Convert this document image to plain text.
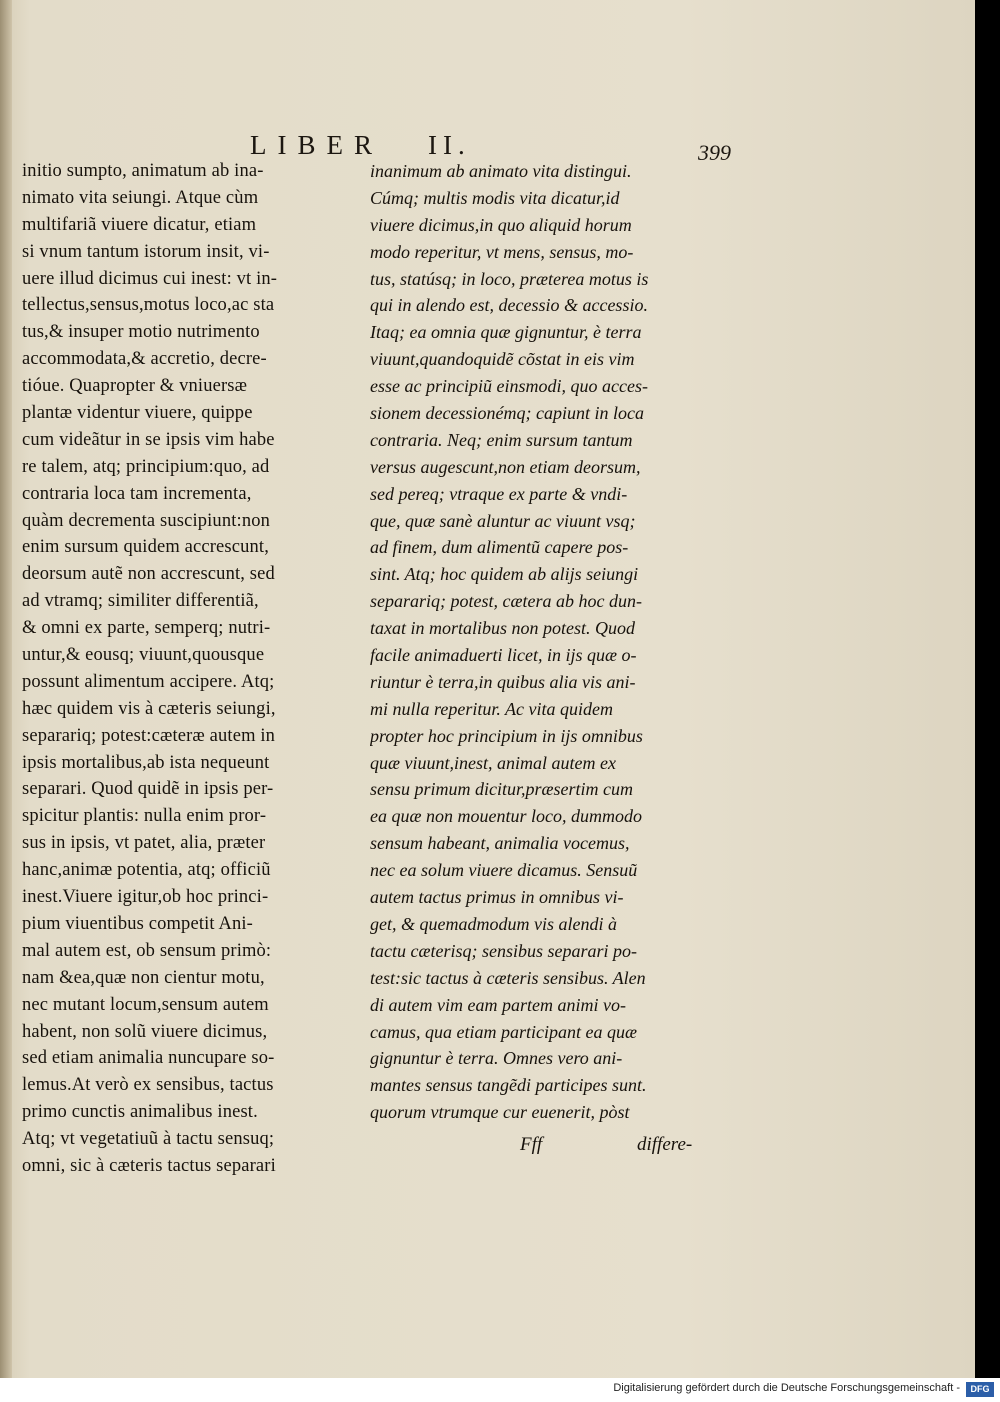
LIBER II.	399
initio sumpto, animatum ab ina-
nimato vita seiungi. Atque cùm
multifariã viuere dicatur, etiam
si vnum tantum istorum insit, vi-
uere illud dicimus cui inest: vt in-
tellectus,sensus,motus loco,ac sta
tus,& insuper motio nutrimento
accommodata,& accretio, decre-
tióue. Quapropter & vniuersæ
plantæ videntur viuere, quippe
cum videãtur in se ipsis vim habe
re talem, atq; principium:quo, ad
contraria loca tam incrementa,
quàm decrementa suscipiunt:non
enim sursum quidem accrescunt,
deorsum autẽ non accrescunt, sed
ad vtramq; similiter differentiã,
& omni ex parte, semperq; nutri-
untur,& eousq; viuunt,quousque
possunt alimentum accipere. Atq;
hæc quidem vis à cæteris seiungi,
separariq; potest:cæteræ autem in
ipsis mortalibus,ab ista nequeunt
separari. Quod quidẽ in ipsis per-
spicitur plantis: nulla enim pror-
sus in ipsis, vt patet, alia, præter
hanc,animæ potentia, atq; officiũ
inest.Viuere igitur,ob hoc princi-
pium viuentibus competit Ani-
mal autem est, ob sensum primò:
nam &ea,quæ non cientur motu,
nec mutant locum,sensum autem
habent, non solũ viuere dicimus,
sed etiam animalia nuncupare so-
lemus.At verò ex sensibus, tactus
primo cunctis animalibus inest.
Atq; vt vegetatiuũ à tactu sensuq;
omni, sic à cæteris tactus separari
inanimum ab animato vita distingui.
Cúmq; multis modis vita dicatur,id
viuere dicimus,in quo aliquid horum
modo reperitur, vt mens, sensus, mo-
tus, statúsq; in loco, præterea motus is
qui in alendo est, decessio & accessio.
Itaq; ea omnia quæ gignuntur, è terra
viuunt,quandoquidẽ cõstat in eis vim
esse ac principiũ einsmodi, quo acces-
sionem decessionémq; capiunt in loca
contraria. Neq; enim sursum tantum
versus augescunt,non etiam deorsum,
sed pereq; vtraque ex parte & vndi-
que, quæ sanè aluntur ac viuunt vsq;
ad finem, dum alimentũ capere pos-
sint. Atq; hoc quidem ab alijs seiungi
separariq; potest, cætera ab hoc dun-
taxat in mortalibus non potest. Quod
facile animaduerti licet, in ijs quæ o-
riuntur è terra,in quibus alia vis ani-
mi nulla reperitur. Ac vita quidem
propter hoc principium in ijs omnibus
quæ viuunt,inest, animal autem ex
sensu primum dicitur,præsertim cum
ea quæ non mouentur loco, dummodo
sensum habeant, animalia vocemus,
nec ea solum viuere dicamus. Sensuũ
autem tactus primus in omnibus vi-
get, & quemadmodum vis alendi à
tactu cæterisq; sensibus separari po-
test:sic tactus à cæteris sensibus. Alen
di autem vim eam partem animi vo-
camus, qua etiam participant ea quæ
gignuntur è terra. Omnes vero ani-
mantes sensus tangẽdi participes sunt.
quorum vtrumque cur euenerit, pòst
Fff	differe-
Digitalisierung gefördert durch die Deutsche Forschungsgemeinschaft -	DFG
